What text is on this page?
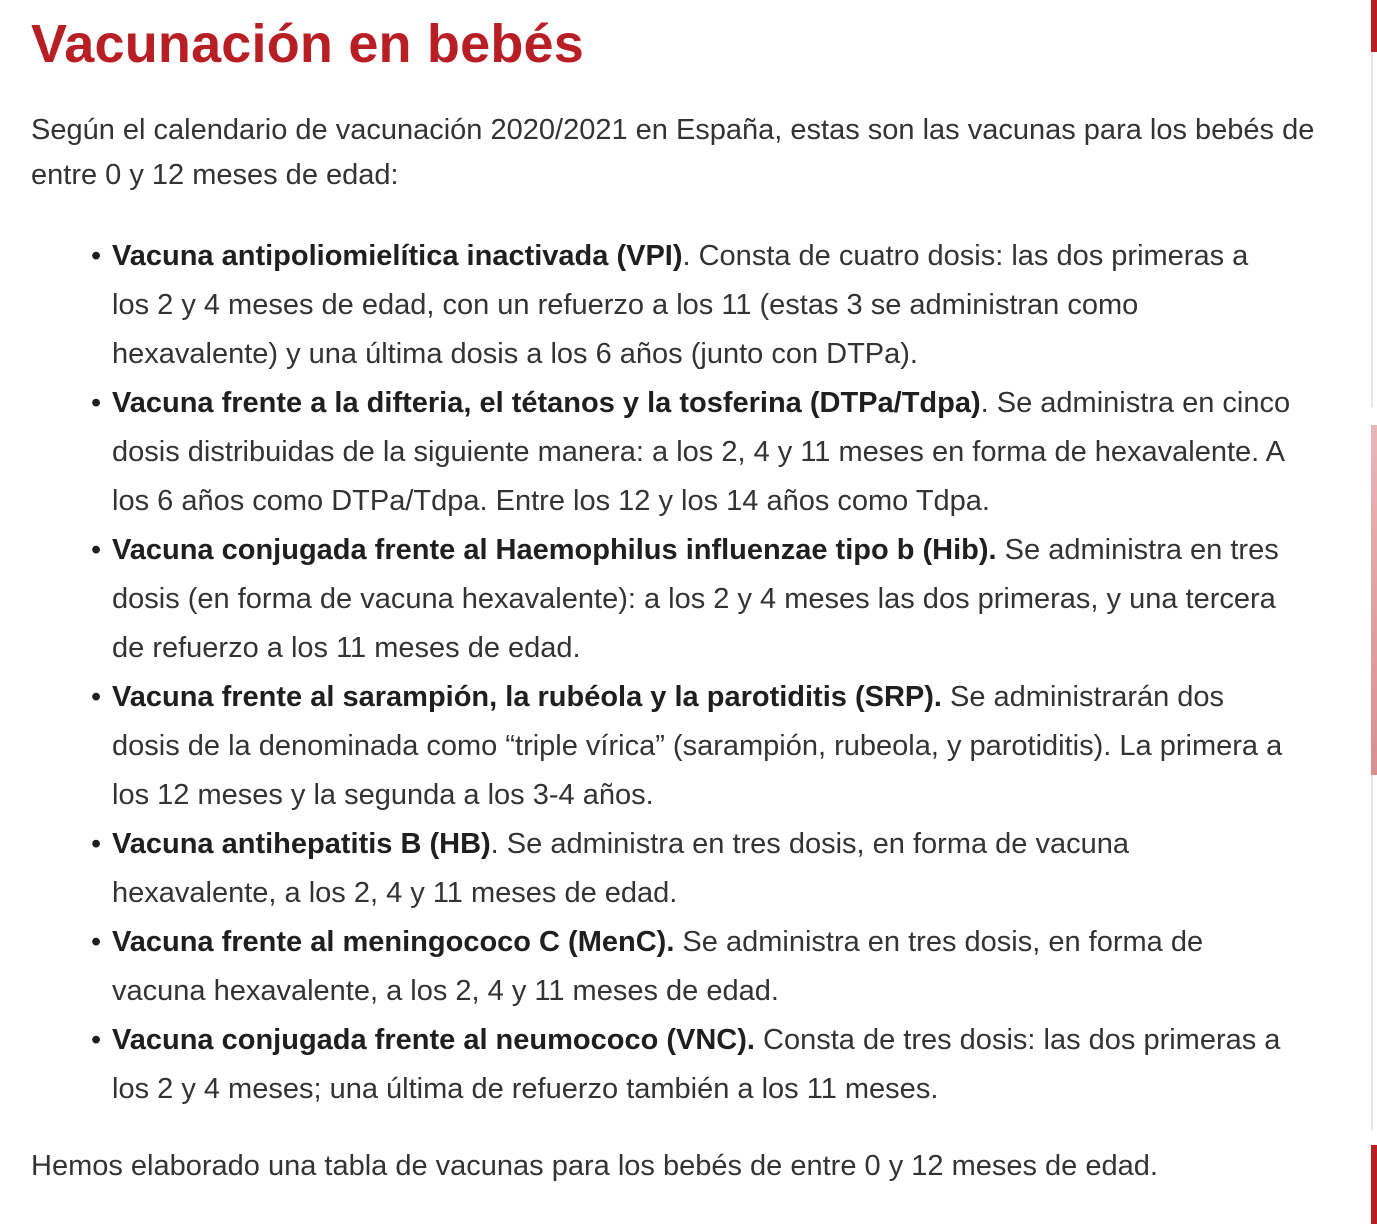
Vacunación en bebés

Según el calendario de vacunación 2020/2021 en España, estas son las vacunas para los bebés de entre 0 y 12 meses de edad:

• Vacuna antipoliomielítica inactivada (VPI). Consta de cuatro dosis: las dos primeras a los 2 y 4 meses de edad, con un refuerzo a los 11 (estas 3 se administran como hexavalente) y una última dosis a los 6 años (junto con DTPa).
• Vacuna frente a la difteria, el tétanos y la tosferina (DTPa/Tdpa). Se administra en cinco dosis distribuidas de la siguiente manera: a los 2, 4 y 11 meses en forma de hexavalente. A los 6 años como DTPa/Tdpa. Entre los 12 y los 14 años como Tdpa.
• Vacuna conjugada frente al Haemophilus influenzae tipo b (Hib). Se administra en tres dosis (en forma de vacuna hexavalente): a los 2 y 4 meses las dos primeras, y una tercera de refuerzo a los 11 meses de edad.
• Vacuna frente al sarampión, la rubéola y la parotiditis (SRP). Se administrarán dos dosis de la denominada como “triple vírica” (sarampión, rubeola, y parotiditis). La primera a los 12 meses y la segunda a los 3-4 años.
• Vacuna antihepatitis B (HB). Se administra en tres dosis, en forma de vacuna hexavalente, a los 2, 4 y 11 meses de edad.
• Vacuna frente al meningococo C (MenC). Se administra en tres dosis, en forma de vacuna hexavalente, a los 2, 4 y 11 meses de edad.
• Vacuna conjugada frente al neumococo (VNC). Consta de tres dosis: las dos primeras a los 2 y 4 meses; una última de refuerzo también a los 11 meses.

Hemos elaborado una tabla de vacunas para los bebés de entre 0 y 12 meses de edad.
